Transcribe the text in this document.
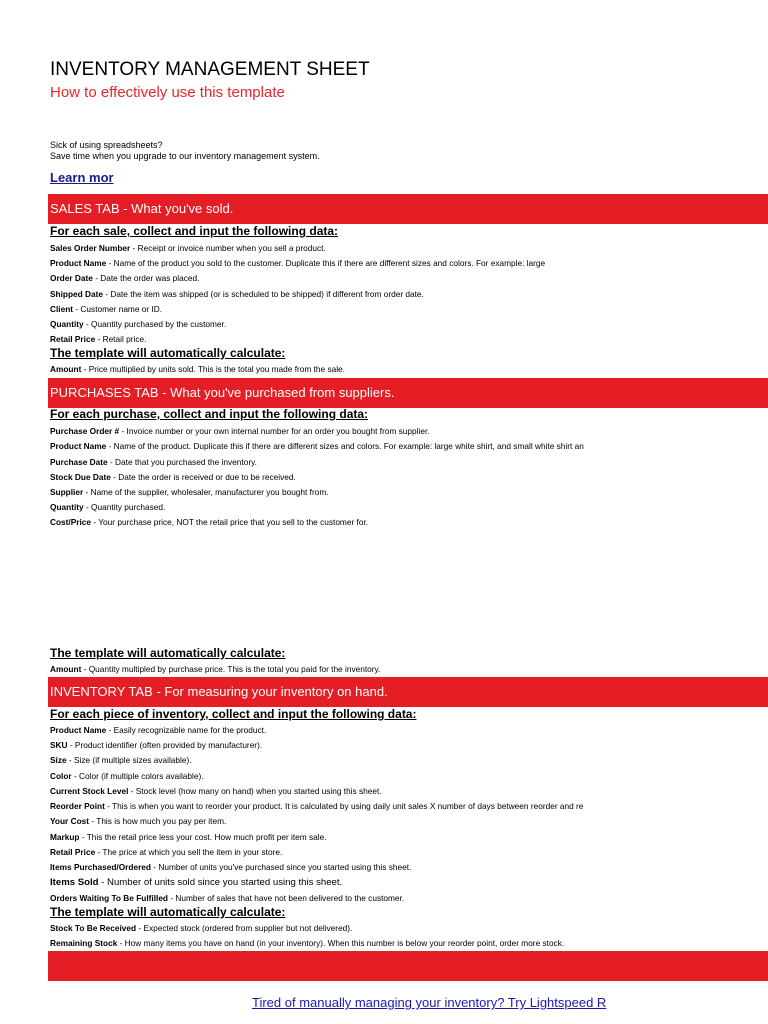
INVENTORY MANAGEMENT SHEET
How to effectively use this template
Sick of using spreadsheets?
Save time when you upgrade to our inventory management system.
Learn mor
SALES TAB - What you've sold.
For each sale, collect and input the following data:
Sales Order Number - Receipt or invoice number when you sell a product.
Product Name - Name of the product you sold to the customer. Duplicate this if there are different sizes and colors. For example: large
Order Date - Date the order was placed.
Shipped Date - Date the item was shipped (or is scheduled to be shipped) if different from order date.
Client - Customer name or ID.
Quantity - Quantity purchased by the customer.
Retail Price - Retail price.
The template will automatically calculate:
Amount - Price multiplied by units sold. This is the total you made from the sale.
PURCHASES TAB - What you've purchased from suppliers.
For each purchase, collect and input the following data:
Purchase Order # - Invoice number or your own internal number for an order you bought from supplier.
Product Name - Name of the product. Duplicate this if there are different sizes and colors. For example: large white shirt, and small white shirt an
Purchase Date - Date that you purchased the inventory.
Stock Due Date - Date the order is received or due to be received.
Supplier - Name of the supplier, wholesaler, manufacturer you bought from.
Quantity - Quantity purchased.
Cost/Price - Your purchase price, NOT the retail price that you sell to the customer for.
The template will automatically calculate:
Amount - Quantity multipled by purchase price. This is the total you paid for the inventory.
INVENTORY TAB - For measuring your inventory on hand.
For each piece of inventory, collect and input the following data:
Product Name - Easily recognizable name for the product.
SKU - Product identifier (often provided by manufacturer).
Size - Size (if multiple sizes available).
Color - Color (if multiple colors available).
Current Stock Level - Stock level (how many on hand) when you started using this sheet.
Reorder Point - This is when you want to reorder your product. It is calculated by using daily unit sales X number of days between reorder and re
Your Cost - This is how much you pay per item.
Markup - This the retail price less your cost. How much profit per item sale.
Retail Price - The price at which you sell the item in your store.
Items Purchased/Ordered - Number of units you've purchased since you started using this sheet.
Items Sold - Number of units sold since you started using this sheet.
Orders Waiting To Be Fulfilled - Number of sales that have not been delivered to the customer.
The template will automatically calculate:
Stock To Be Received - Expected stock (ordered from supplier but not delivered).
Remaining Stock - How many items you have on hand (in your inventory). When this number is below your reorder point, order more stock.
Tired of manually managing your inventory? Try Lightspeed R
